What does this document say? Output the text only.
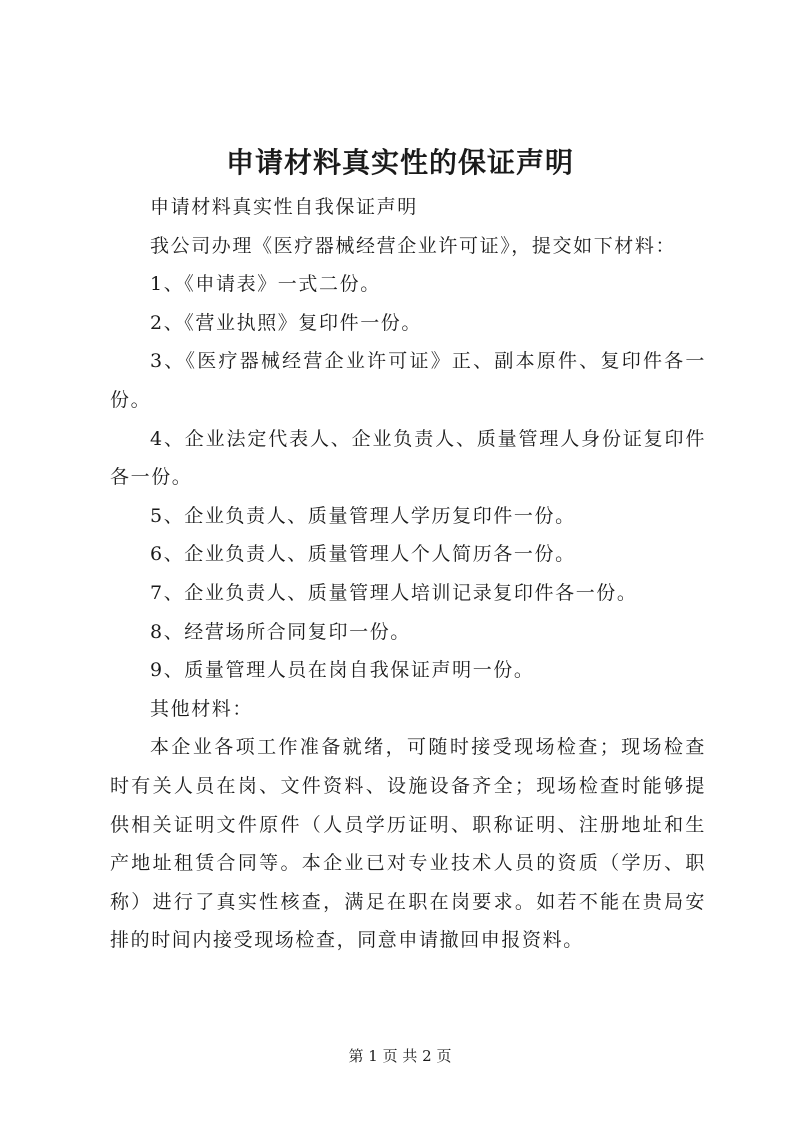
申请材料真实性的保证声明

申请材料真实性自我保证声明

我公司办理《医疗器械经营企业许可证》，提交如下材料：

1、《申请表》一式二份。

2、《营业执照》复印件一份。

3、《医疗器械经营企业许可证》正、副本原件、复印件各一份。

4、企业法定代表人、企业负责人、质量管理人身份证复印件各一份。

5、企业负责人、质量管理人学历复印件一份。

6、企业负责人、质量管理人个人简历各一份。

7、企业负责人、质量管理人培训记录复印件各一份。

8、经营场所合同复印一份。

9、质量管理人员在岗自我保证声明一份。

其他材料：

本企业各项工作准备就绪，可随时接受现场检查；现场检查时有关人员在岗、文件资料、设施设备齐全；现场检查时能够提供相关证明文件原件（人员学历证明、职称证明、注册地址和生产地址租赁合同等。本企业已对专业技术人员的资质（学历、职称）进行了真实性核查，满足在职在岗要求。如若不能在贵局安排的时间内接受现场检查，同意申请撤回申报资料。

第 1 页 共 2 页
